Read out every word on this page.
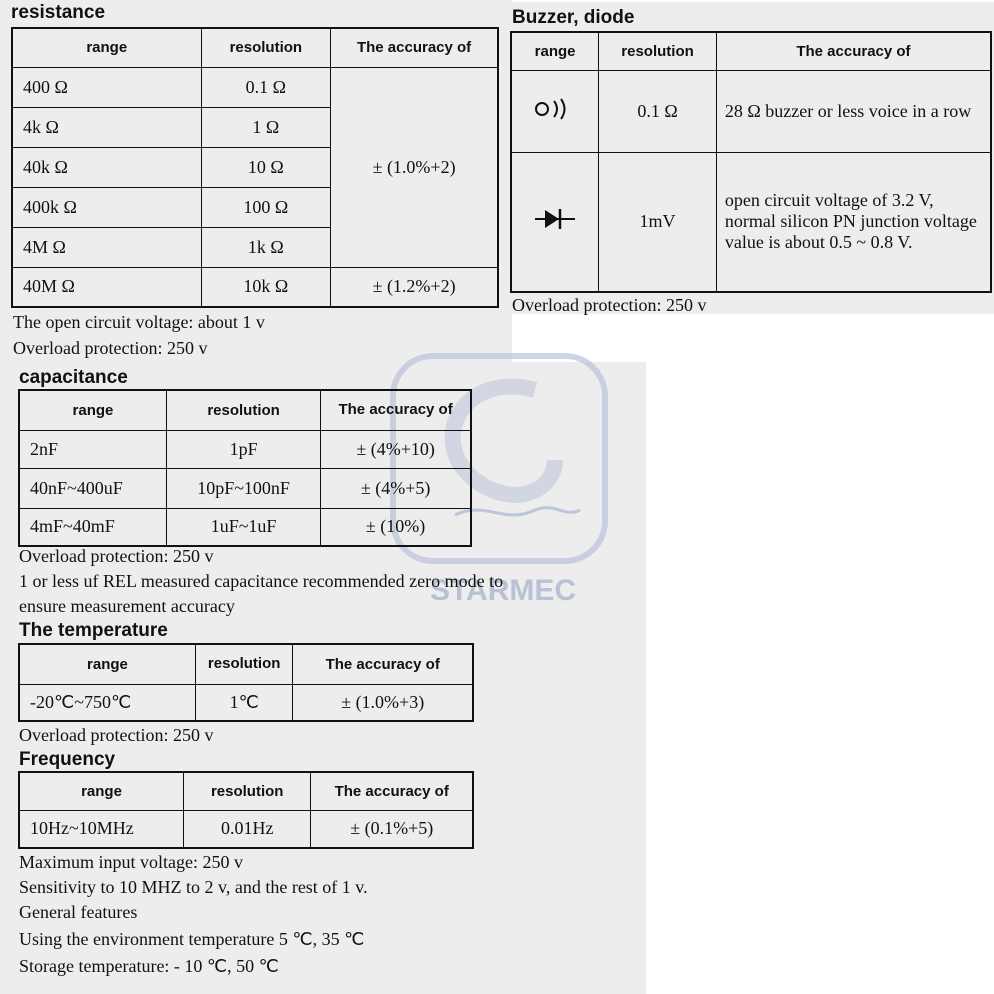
STARMEC
resistance
range	resolution	The accuracy of
400 Ω	0.1 Ω	± (1.0%+2)
4k Ω	1 Ω	
40k Ω	10 Ω	
400k Ω	100 Ω	
4M Ω	1k Ω	
40M Ω	10k Ω	± (1.2%+2)
The open circuit voltage: about 1 v
Overload protection: 250 v
Buzzer, diode
range	resolution	The accuracy of
	0.1 Ω	28 Ω buzzer or less voice in a row
	1mV	open circuit voltage of 3.2 V, normal silicon PN junction voltage value is about 0.5 ~ 0.8 V.
Overload protection: 250 v
capacitance
range	resolution	The accuracy of
2nF	1pF	± (4%+10)
40nF~400uF	10pF~100nF	± (4%+5)
4mF~40mF	1uF~1uF	± (10%)
Overload protection: 250 v
1 or less uf REL measured capacitance recommended zero mode to
ensure measurement accuracy
The temperature
range	resolution	The accuracy of
-20℃~750℃	1℃	± (1.0%+3)
Overload protection: 250 v
Frequency
range	resolution	The accuracy of
10Hz~10MHz	0.01Hz	± (0.1%+5)
Maximum input voltage: 250 v
Sensitivity to 10 MHZ to 2 v, and the rest of 1 v.
General features
Using the environment temperature 5 ℃, 35 ℃
Storage temperature: - 10 ℃, 50 ℃
